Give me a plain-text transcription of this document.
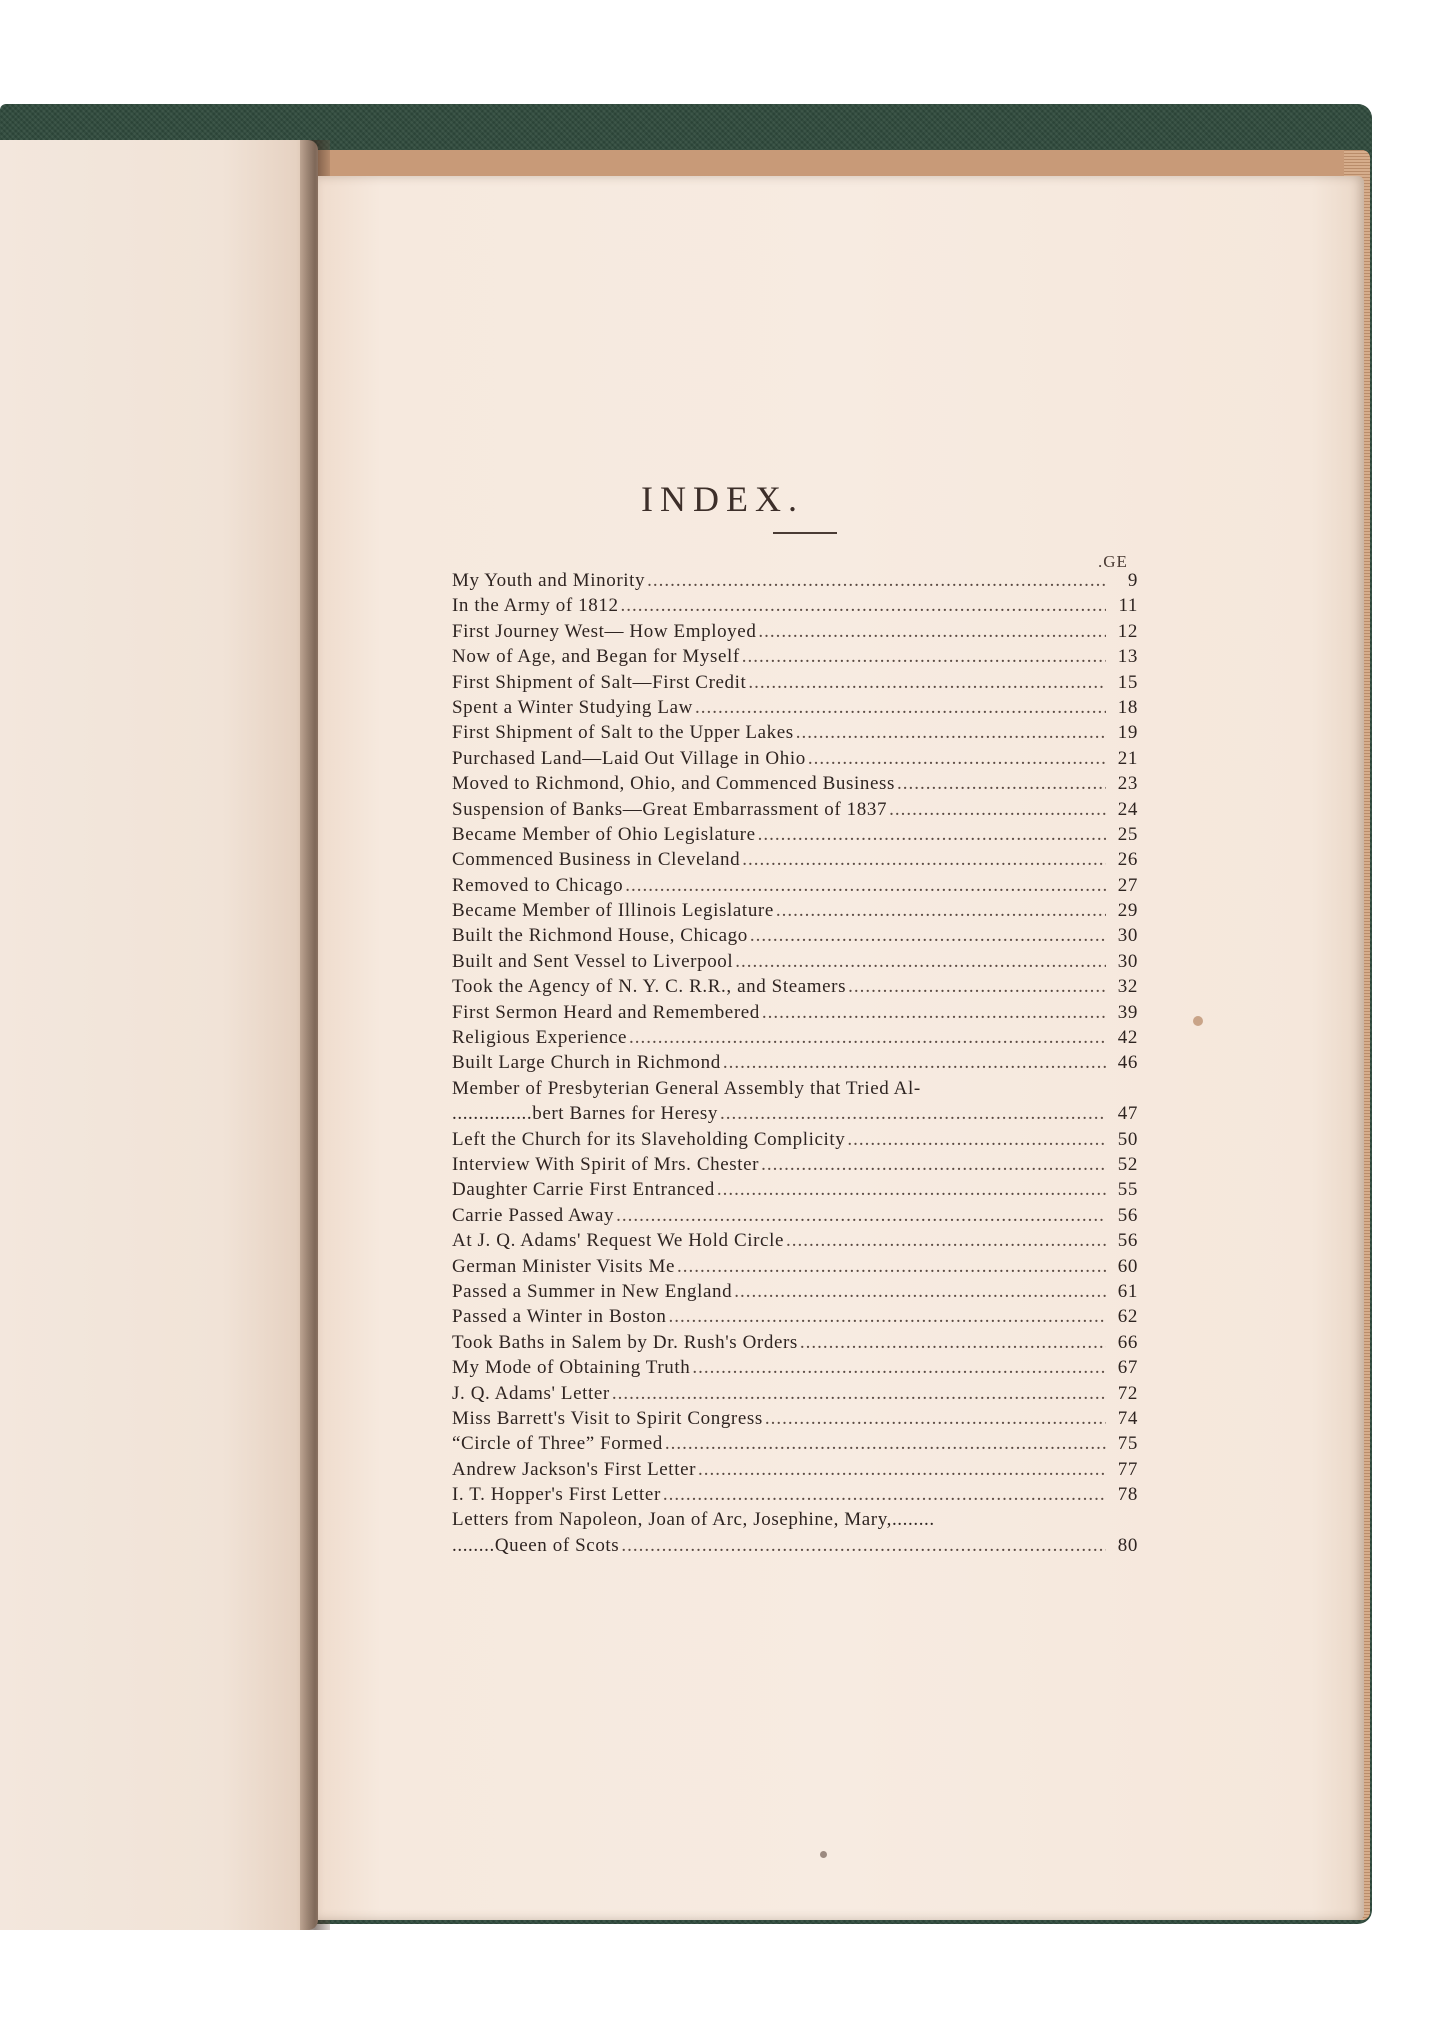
INDEX.
.GE
My Youth and Minority .....	9
In the Army of 1812 .....	11
First Journey West— How Employed .....	12
Now of Age, and Began for Myself .....	13
First Shipment of Salt—First Credit .....	15
Spent a Winter Studying Law .....	18
First Shipment of Salt to the Upper Lakes .....	19
Purchased Land—Laid Out Village in Ohio .....	21
Moved to Richmond, Ohio, and Commenced Business .....	23
Suspension of Banks—Great Embarrassment of 1837 .....	24
Became Member of Ohio Legislature .....	25
Commenced Business in Cleveland .....	26
Removed to Chicago .....	27
Became Member of Illinois Legislature .....	29
Built the Richmond House, Chicago .....	30
Built and Sent Vessel to Liverpool .....	30
Took the Agency of N. Y. C. R.R., and Steamers .....	32
First Sermon Heard and Remembered .....	39
Religious Experience .....	42
Built Large Church in Richmond .....	46
Member of Presbyterian General Assembly that Tried Al-
............... bert Barnes for Heresy .....	47
Left the Church for its Slaveholding Complicity .....	50
Interview With Spirit of Mrs. Chester .....	52
Daughter Carrie First Entranced .....	55
Carrie Passed Away .....	56
At J. Q. Adams' Request We Hold Circle .....	56
German Minister Visits Me .....	60
Passed a Summer in New England .....	61
Passed a Winter in Boston .....	62
Took Baths in Salem by Dr. Rush's Orders .....	66
My Mode of Obtaining Truth .....	67
J. Q. Adams' Letter .....	72
Miss Barrett's Visit to Spirit Congress .....	74
“Circle of Three” Formed .....	75
Andrew Jackson's First Letter .....	77
I. T. Hopper's First Letter .....	78
Letters from Napoleon, Joan of Arc, Josephine, Mary,........
........ Queen of Scots .....	80
